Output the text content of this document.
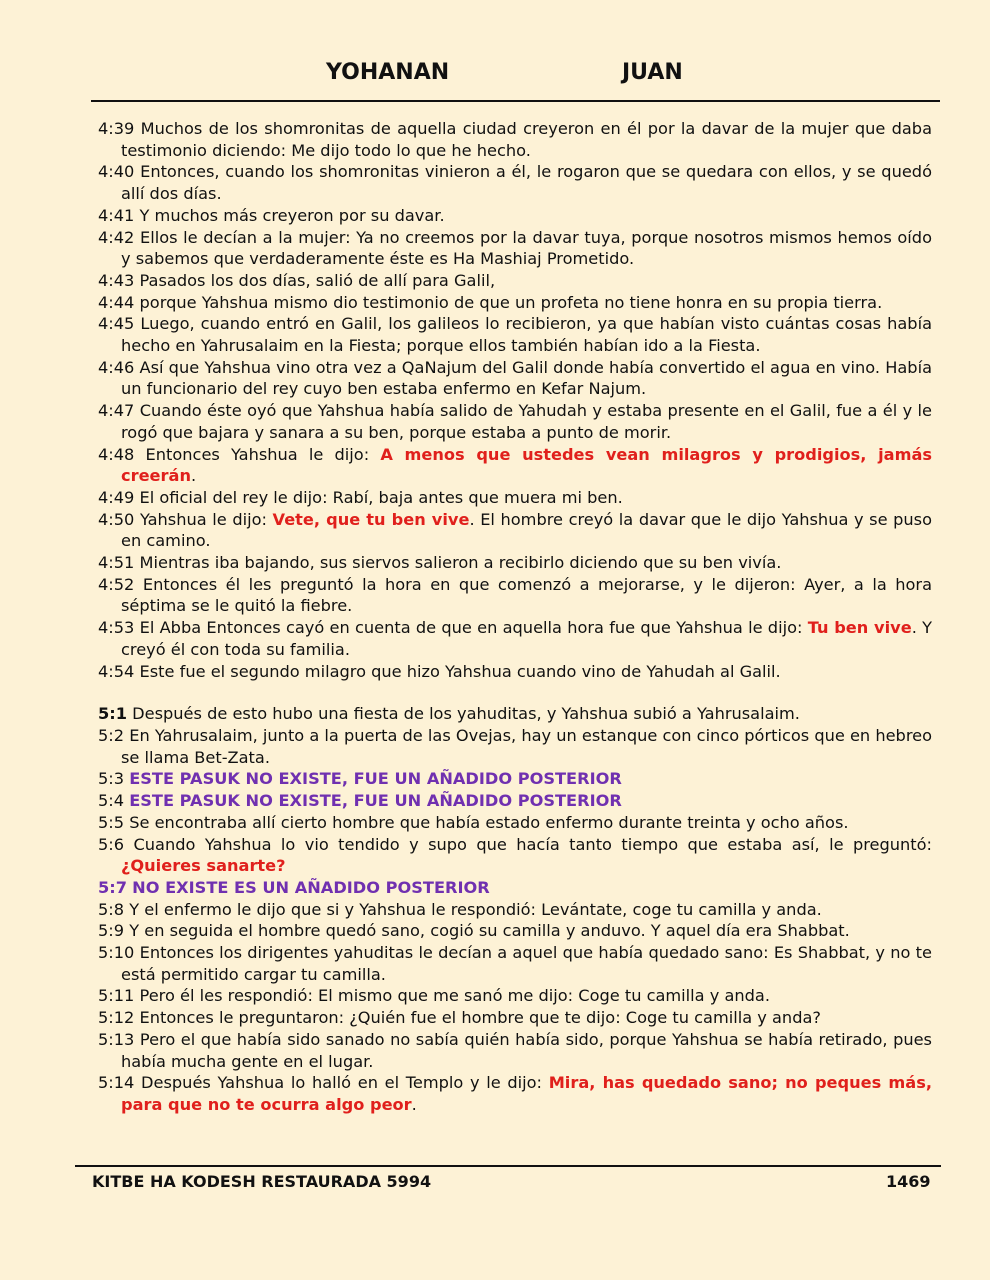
YOHANAN	JUAN
4:39 Muchos de los shomronitas de aquella ciudad creyeron en él por la davar de la mujer que daba testimonio diciendo: Me dijo todo lo que he hecho.
4:40 Entonces, cuando los shomronitas vinieron a él, le rogaron que se quedara con ellos, y se quedó allí dos días.
4:41 Y muchos más creyeron por su davar.
4:42 Ellos le decían a la mujer: Ya no creemos por la davar tuya, porque nosotros mismos hemos oído y sabemos que verdaderamente éste es Ha Mashiaj Prometido.
4:43 Pasados los dos días, salió de allí para Galil,
4:44 porque Yahshua mismo dio testimonio de que un profeta no tiene honra en su propia tierra.
4:45 Luego, cuando entró en Galil, los galileos lo recibieron, ya que habían visto cuántas cosas había hecho en Yahrusalaim en la Fiesta; porque ellos también habían ido a la Fiesta.
4:46 Así que Yahshua vino otra vez a QaNajum del Galil donde había convertido el agua en vino. Había un funcionario del rey cuyo ben estaba enfermo en Kefar Najum.
4:47 Cuando éste oyó que Yahshua había salido de Yahudah y estaba presente en el Galil, fue a él y le rogó que bajara y sanara a su ben, porque estaba a punto de morir.
4:48 Entonces Yahshua le dijo: A menos que ustedes vean milagros y prodigios, jamás creerán.
4:49 El oficial del rey le dijo: Rabí, baja antes que muera mi ben.
4:50 Yahshua le dijo: Vete, que tu ben vive. El hombre creyó la davar que le dijo Yahshua y se puso en camino.
4:51 Mientras iba bajando, sus siervos salieron a recibirlo diciendo que su ben vivía.
4:52 Entonces él les preguntó la hora en que comenzó a mejorarse, y le dijeron: Ayer, a la hora séptima se le quitó la fiebre.
4:53 El Abba Entonces cayó en cuenta de que en aquella hora fue que Yahshua le dijo: Tu ben vive. Y creyó él con toda su familia.
4:54 Este fue el segundo milagro que hizo Yahshua cuando vino de Yahudah al Galil.
5:1 Después de esto hubo una fiesta de los yahuditas, y Yahshua subió a Yahrusalaim.
5:2 En Yahrusalaim, junto a la puerta de las Ovejas, hay un estanque con cinco pórticos que en hebreo se llama Bet-Zata.
5:3 ESTE PASUK NO EXISTE, FUE UN AÑADIDO POSTERIOR
5:4 ESTE PASUK NO EXISTE, FUE UN AÑADIDO POSTERIOR
5:5 Se encontraba allí cierto hombre que había estado enfermo durante treinta y ocho años.
5:6 Cuando Yahshua lo vio tendido y supo que hacía tanto tiempo que estaba así, le preguntó: ¿Quieres sanarte?
5:7 NO EXISTE ES UN AÑADIDO POSTERIOR
5:8 Y el enfermo le dijo que si y Yahshua le respondió: Levántate, coge tu camilla y anda.
5:9 Y en seguida el hombre quedó sano, cogió su camilla y anduvo. Y aquel día era Shabbat.
5:10 Entonces los dirigentes yahuditas le decían a aquel que había quedado sano: Es Shabbat, y no te está permitido cargar tu camilla.
5:11 Pero él les respondió: El mismo que me sanó me dijo: Coge tu camilla y anda.
5:12 Entonces le preguntaron: ¿Quién fue el hombre que te dijo: Coge tu camilla y anda?
5:13 Pero el que había sido sanado no sabía quién había sido, porque Yahshua se había retirado, pues había mucha gente en el lugar.
5:14 Después Yahshua lo halló en el Templo y le dijo: Mira, has quedado sano; no peques más, para que no te ocurra algo peor.
KITBE HA KODESH RESTAURADA 5994	1469
